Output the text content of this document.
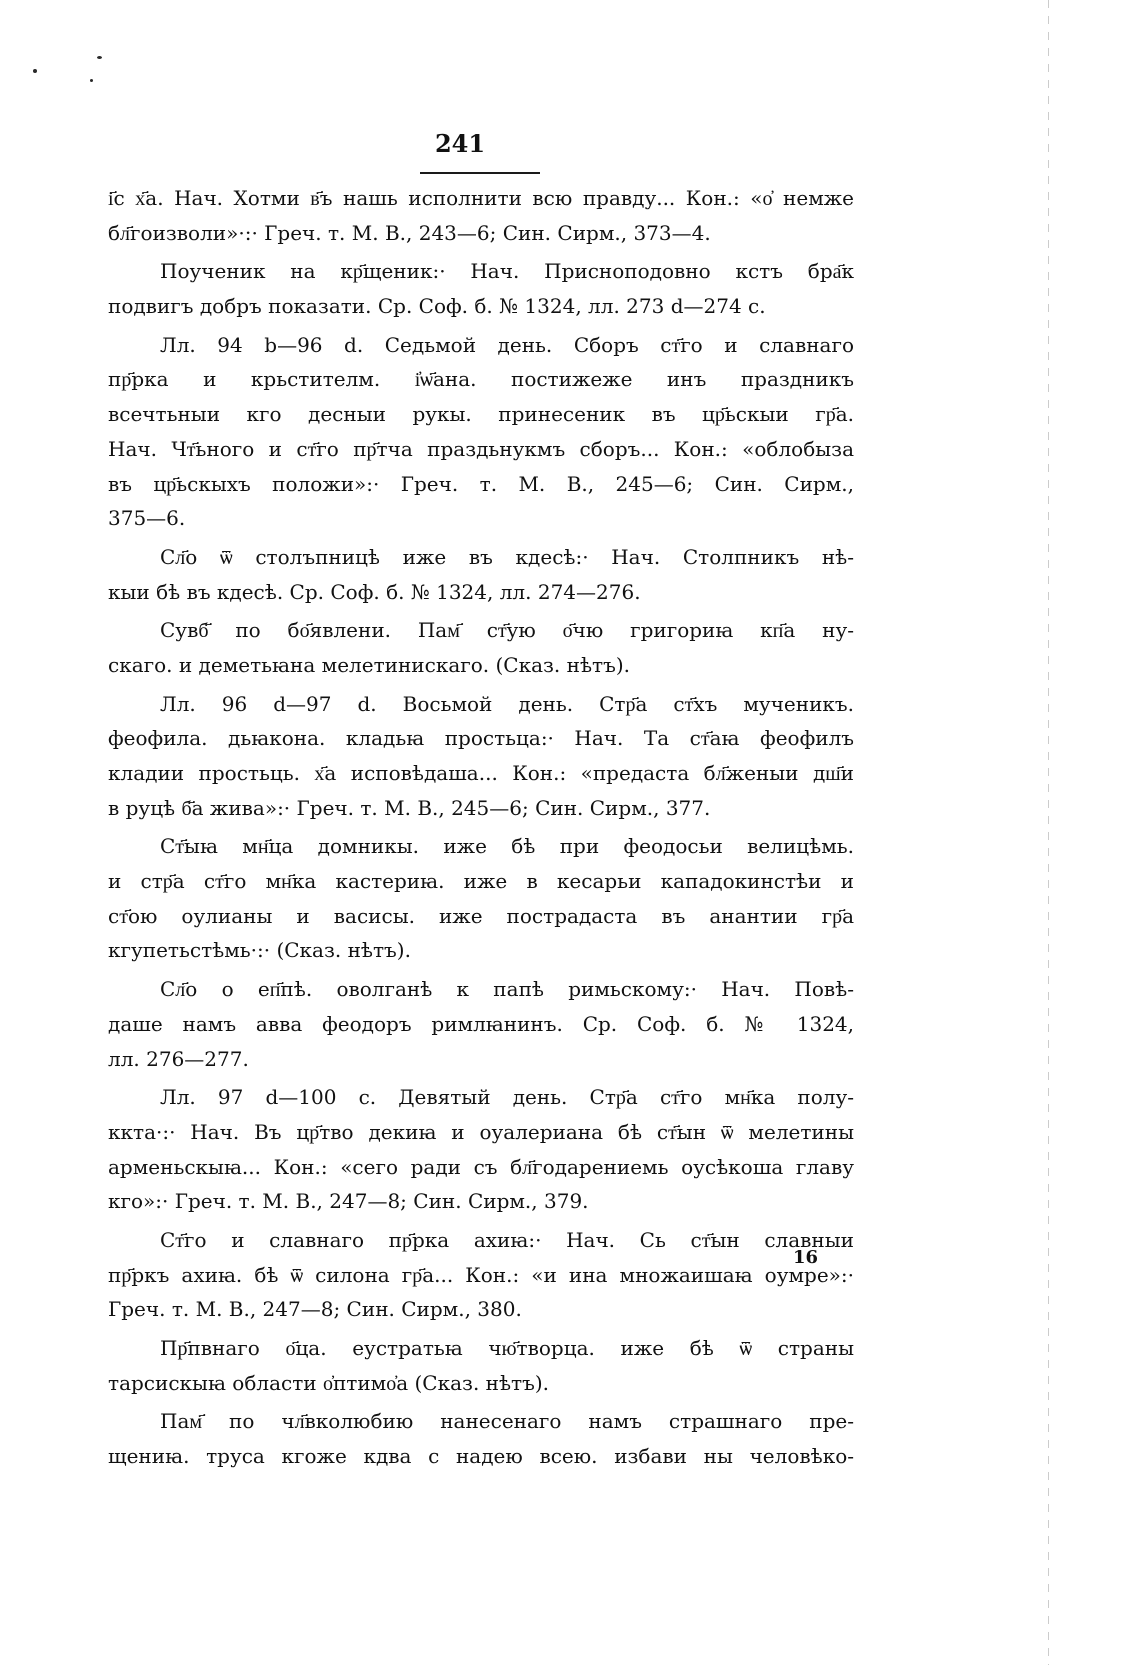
241
і҃с х҃а. Нач. Хотми в҃ъ нашь исполнити всю правду... Кон.: «о҆ немже
бл҃гоизволи»·:· Греч. т. М. В., 243—6; Син. Сирм., 373—4.
Поученик на кр҃щеник:· Нач. Присноподовно кстъ бра҃к
подвигъ добръ показати. Ср. Соф. б. № 1324, лл. 273 d—274 c.
Лл. 94 b—96 d. Седьмой день. Сборъ ст҃го и славнаго
пр҃рка и крьстителм. і҆ѡ҃ана. постижеже инъ праздникъ
всечтьныи кго десныи рукы. принесеник въ цр҃ьскыи гр҃а.
Нач. Чт҃ьного и ст҃го пр҃тча праздьнукмъ сборъ... Кон.: «облобыза
въ цр҃ьскыхъ положи»:· Греч. т. М. В., 245—6; Син. Сирм.,
375—6.
Сл҃о ѿ столъпницѣ иже въ кдесѣ:· Нач. Столпникъ нѣ-
кыи бѣ въ кдесѣ. Ср. Соф. б. № 1324, лл. 274—276.
Сувб҃ по бо҃явлени. Пам҃ ст҃ую о҃чю григориꙗ кп҃а ну-
скаго. и деметьꙗна мелетинискаго. (Сказ. нѣтъ).
Лл. 96 d—97 d. Восьмой день. Стр҃а ст҃хъ мученикъ.
феофила. дьꙗкона. кладьꙗ простьца:· Нач. Та ст҃аꙗ феофилъ
кладии простьць. х҃а исповѣдаша... Кон.: «предаста бл҃женыи дш҃и
в руцѣ б҃а жива»:· Греч. т. М. В., 245—6; Син. Сирм., 377.
Ст҃ыꙗ мн҃ца домникы. иже бѣ при феодосьи велицѣмь.
и стр҃а ст҃го мн҃ка кастериꙗ. иже в кесарьи кападокинстѣи и
ст҃ою оулианы и васисы. иже пострадаста въ анантии гр҃а
кгупетьстѣмь·:· (Сказ. нѣтъ).
Сл҃о о еп҃пѣ. оволганѣ к папѣ римьскому:· Нач. Повѣ-
даше намъ авва феодоръ римлꙗнинъ. Ср. Соф. б. № 1324,
лл. 276—277.
Лл. 97 d—100 с. Девятый день. Стр҃а ст҃го мн҃ка полу-
кктa·:· Нач. Въ цр҃тво декиꙗ и оуалериана бѣ ст҃ын ѿ мелетины
арменьскыꙗ... Кон.: «сего ради съ бл҃годарениемь оусѣкоша главу
кго»:· Греч. т. М. В., 247—8; Син. Сирм., 379.
Ст҃го и славнаго пр҃рка ахиꙗ:· Нач. Сь ст҃ын славныи
пр҃ркъ ахиꙗ. бѣ ѿ силона гр҃а... Кон.: «и ина множаишаꙗ оумре»:·
Греч. т. М. В., 247—8; Син. Сирм., 380.
Пр҃пвнаго о҃ца. еустратьꙗ чю҃творца. иже бѣ ѿ страны
тарсискыꙗ области о҆птимо҆а (Сказ. нѣтъ).
Пам҃ по чл҃вколюбию нанесенаго намъ страшнаго пре-
щениꙗ. труса кгоже кдва с надею всею. избави ны человѣко-
16
